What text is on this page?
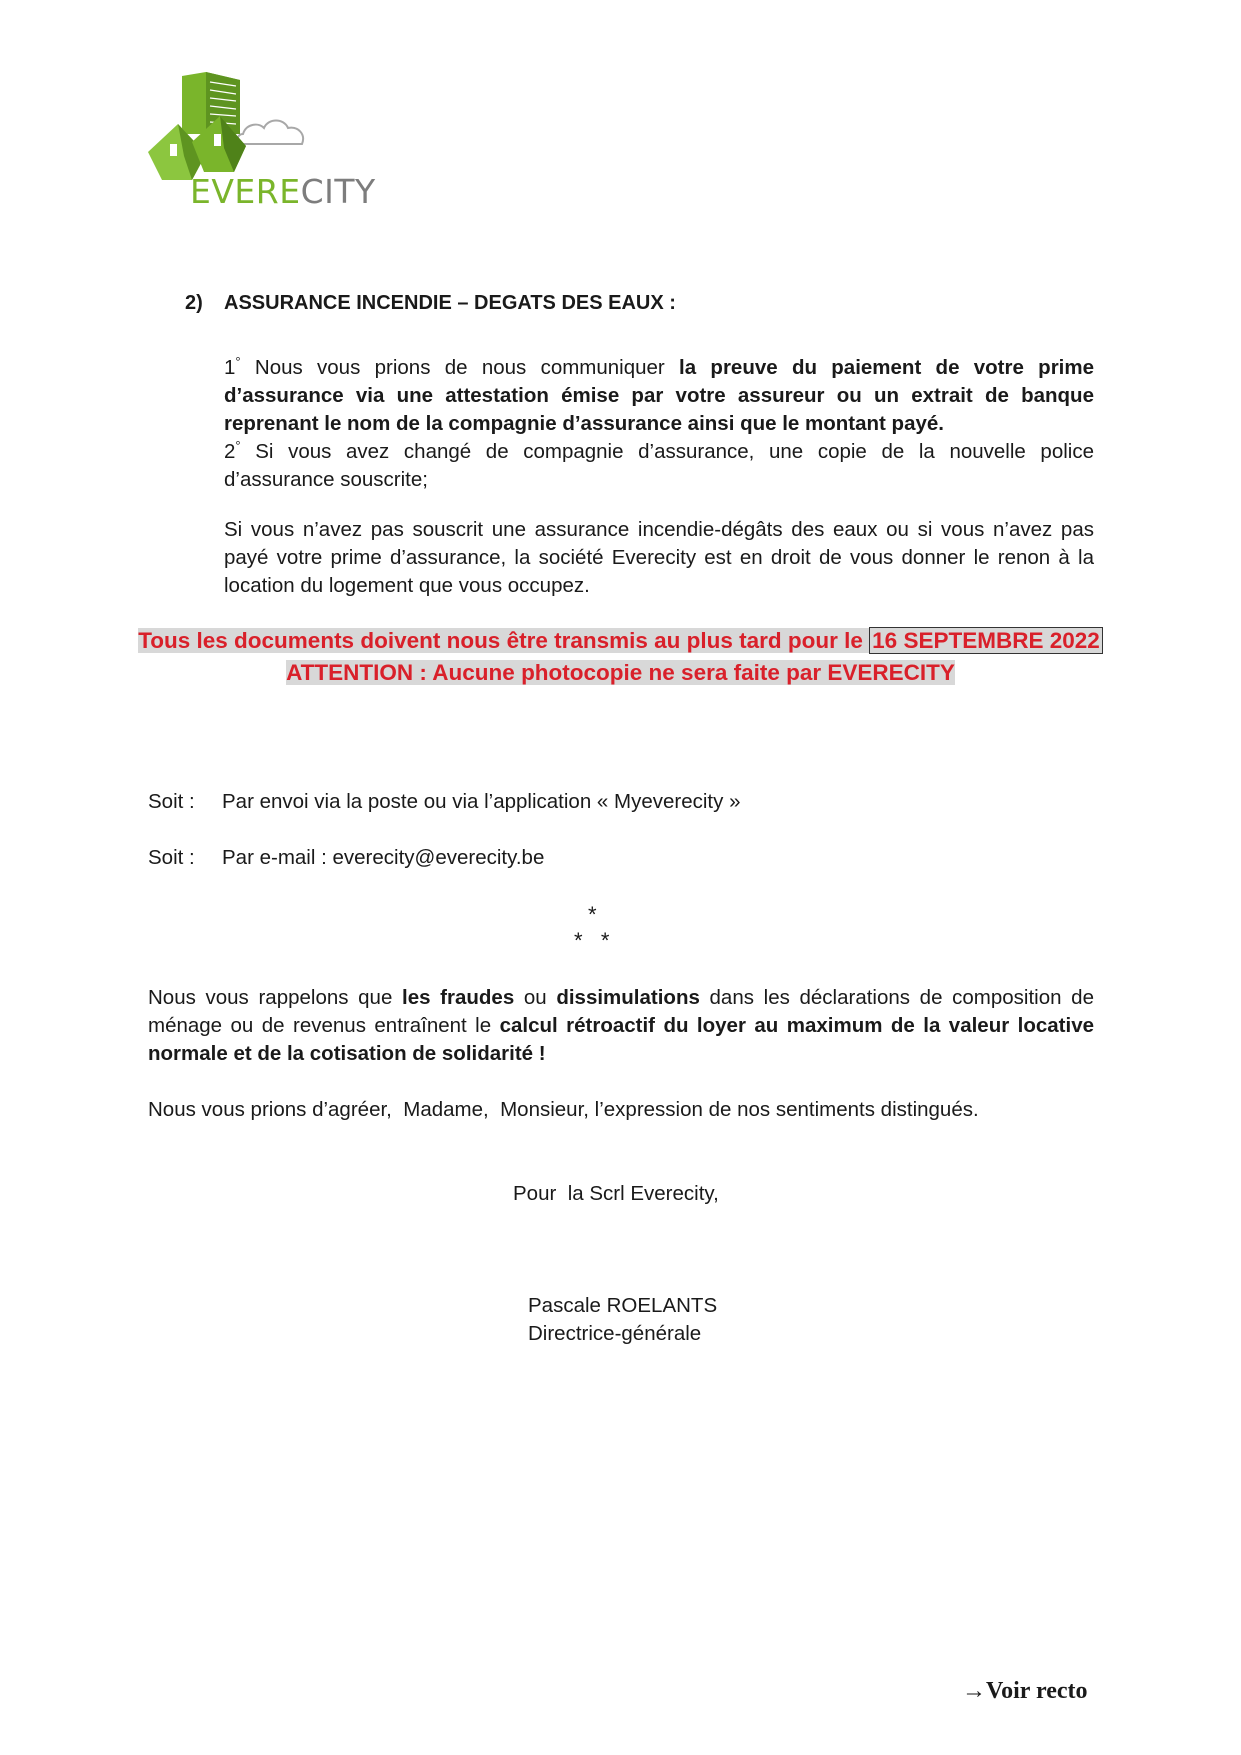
EVERECITY
2) ASSURANCE INCENDIE – DEGATS DES EAUX :
1° Nous vous prions de nous communiquer la preuve du paiement de votre prime d’assurance via une attestation émise par votre assureur ou un extrait de banque reprenant le nom de la compagnie d’assurance ainsi que le montant payé.
2° Si vous avez changé de compagnie d’assurance, une copie de la nouvelle police d’assurance souscrite;
Si vous n’avez pas souscrit une assurance incendie-dégâts des eaux ou si vous n’avez pas payé votre prime d’assurance, la société Everecity est en droit de vous donner le renon à la location du logement que vous occupez.
Tous les documents doivent nous être transmis au plus tard pour le 16 SEPTEMBRE 2022
ATTENTION : Aucune photocopie ne sera faite par EVERECITY
Soit : Par envoi via la poste ou via l’application « Myeverecity »
Soit : Par e-mail : everecity@everecity.be
*
*   *
Nous vous rappelons que les fraudes ou dissimulations dans les déclarations de composition de ménage ou de revenus entraînent le calcul rétroactif du loyer au maximum de la valeur locative normale et de la cotisation de solidarité !
Nous vous prions d’agréer,  Madame,  Monsieur, l’expression de nos sentiments distingués.
Pour  la Scrl Everecity,
Pascale ROELANTS
Directrice-générale
→Voir recto
